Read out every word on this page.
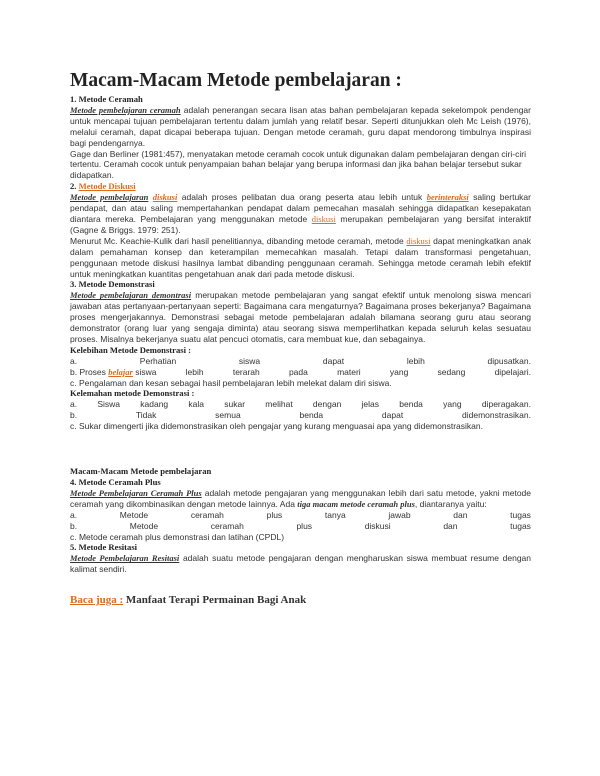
Macam-Macam Metode pembelajaran :
1. Metode Ceramah

Metode pembelajaran ceramah adalah penerangan secara lisan atas bahan pembelajaran kepada sekelompok pendengar untuk mencapai tujuan pembelajaran tertentu dalam jumlah yang relatif besar. Seperti ditunjukkan oleh Mc Leish (1976), melalui ceramah, dapat dicapai beberapa tujuan. Dengan metode ceramah, guru dapat mendorong timbulnya inspirasi bagi pendengarnya.

Gage dan Berliner (1981:457), menyatakan metode ceramah cocok untuk digunakan dalam pembelajaran dengan ciri-ciri tertentu. Ceramah cocok untuk penyampaian bahan belajar yang berupa informasi dan jika bahan belajar tersebut sukar didapatkan.

2. Metode Diskusi

Metode pembelajaran diskusi adalah proses pelibatan dua orang peserta atau lebih untuk berinteraksi saling bertukar pendapat, dan atau saling mempertahankan pendapat dalam pemecahan masalah sehingga didapatkan kesepakatan diantara mereka. Pembelajaran yang menggunakan metode diskusi merupakan pembelajaran yang bersifat interaktif (Gagne & Briggs. 1979: 251).

Menurut Mc. Keachie-Kulik dari hasil penelitiannya, dibanding metode ceramah, metode diskusi dapat meningkatkan anak dalam pemahaman konsep dan keterampilan memecahkan masalah. Tetapi dalam transformasi pengetahuan, penggunaan metode diskusi hasilnya lambat dibanding penggunaan ceramah. Sehingga metode ceramah lebih efektif untuk meningkatkan kuantitas pengetahuan anak dari pada metode diskusi.

3. Metode Demonstrasi

Metode pembelajaran demontrasi merupakan metode pembelajaran yang sangat efektif untuk menolong siswa mencari jawaban atas pertanyaan-pertanyaan seperti: Bagaimana cara mengaturnya? Bagaimana proses bekerjanya? Bagaimana proses mengerjakannya. Demonstrasi sebagai metode pembelajaran adalah bilamana seorang guru atau seorang demonstrator (orang luar yang sengaja diminta) atau seorang siswa memperlihatkan kepada seluruh kelas sesuatau proses. Misalnya bekerjanya suatu alat pencuci otomatis, cara membuat kue, dan sebagainya.

Kelebihan Metode Demonstrasi :
a.	Perhatian	siswa	dapat	lebih	dipusatkan.
b. Proses belajar siswa	lebih	terarah	pada	materi	yang	sedang	dipelajari.

c. Pengalaman dan kesan sebagai hasil pembelajaran lebih melekat dalam diri siswa.

Kelemahan metode Demonstrasi :

a. Siswa kadang kala sukar melihat dengan jelas benda yang diperagakan.

b.	Tidak	semua	benda	dapat	didemonstrasikan.

c. Sukar dimengerti jika didemonstrasikan oleh pengajar yang kurang menguasai apa yang didemonstrasikan.

Macam-Macam Metode pembelajaran
4. Metode Ceramah Plus

Metode Pembelajaran Ceramah Plus adalah metode pengajaran yang menggunakan lebih dari satu metode, yakni metode ceramah yang dikombinasikan dengan metode lainnya. Ada tiga macam metode ceramah plus, diantaranya yaitu:

a.	Metode	ceramah	plus	tanya	jawab	dan	tugas
b.	Metode	ceramah	plus	diskusi	dan	tugas

c. Metode ceramah plus demonstrasi dan latihan (CPDL)

5. Metode Resitasi

Metode Pembelajaran Resitasi adalah suatu metode pengajaran dengan mengharuskan siswa membuat resume dengan kalimat sendiri.

Baca juga : Manfaat Terapi Permainan Bagi Anak
